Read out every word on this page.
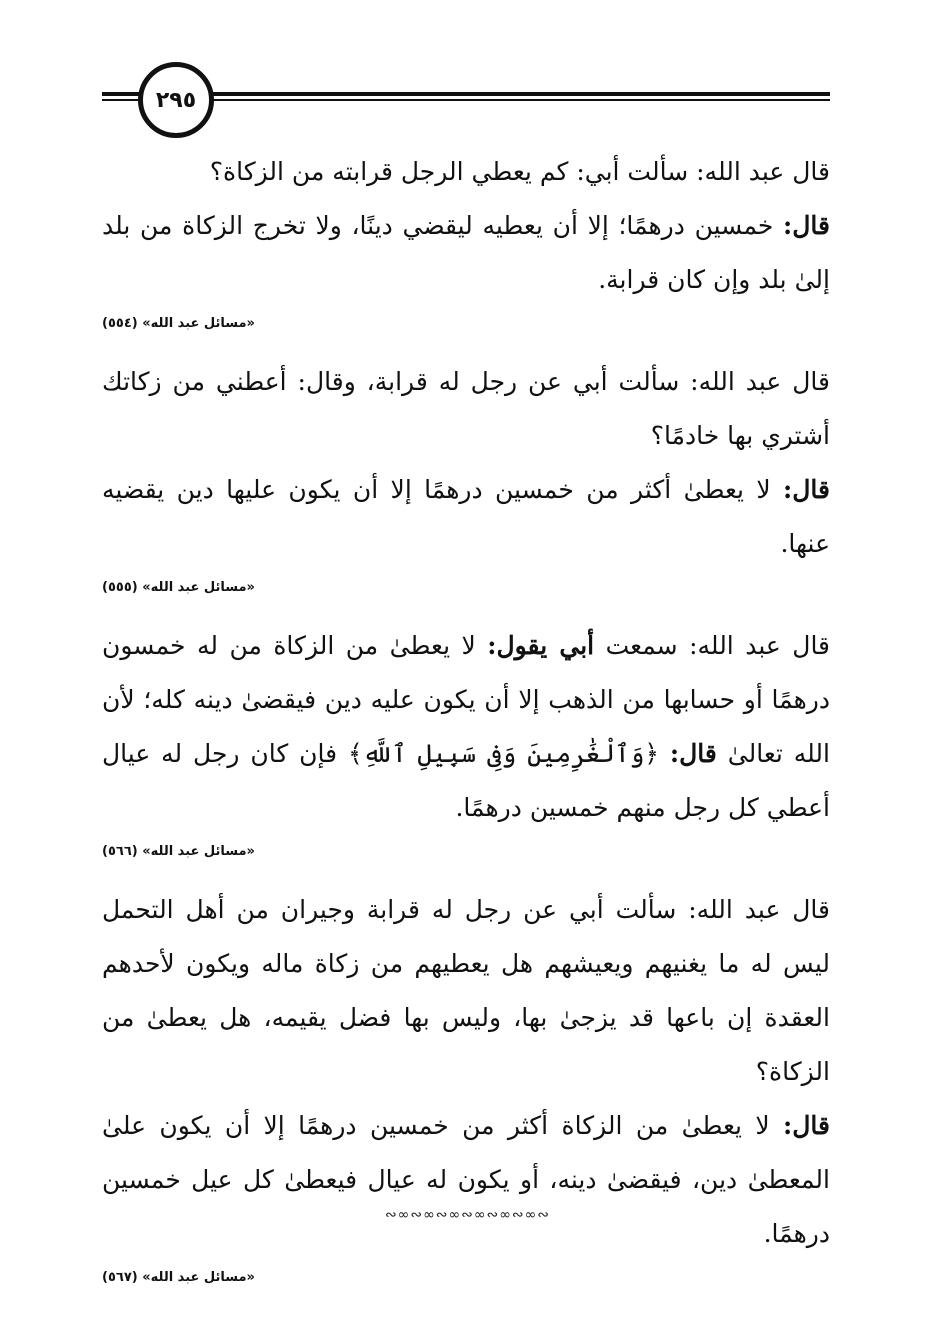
٢٩٥

قال عبد الله: سألت أبي: كم يعطي الرجل قرابته من الزكاة؟

قال: خمسين درهمًا؛ إلا أن يعطيه ليقضي دينًا، ولا تخرج الزكاة من بلد إلىٰ بلد وإن كان قرابة.

«مسائل عبد الله» (٥٥٤)

قال عبد الله: سألت أبي عن رجل له قرابة، وقال: أعطني من زكاتك أشتري بها خادمًا؟

قال: لا يعطىٰ أكثر من خمسين درهمًا إلا أن يكون عليها دين يقضيه عنها.

«مسائل عبد الله» (٥٥٥)

قال عبد الله: سمعت أبي يقول: لا يعطىٰ من الزكاة من له خمسون درهمًا أو حسابها من الذهب إلا أن يكون عليه دين فيقضىٰ دينه كله؛ لأن الله تعالىٰ قال: ﴿وَٱلْغَٰرِمِينَ وَفِى سَبِيلِ ٱللَّهِ﴾ فإن كان رجل له عيال أعطي كل رجل منهم خمسين درهمًا.

«مسائل عبد الله» (٥٦٦)

قال عبد الله: سألت أبي عن رجل له قرابة وجيران من أهل التحمل ليس له ما يغنيهم ويعيشهم هل يعطيهم من زكاة ماله ويكون لأحدهم العقدة إن باعها قد يزجىٰ بها، وليس بها فضل يقيمه، هل يعطىٰ من الزكاة؟

قال: لا يعطىٰ من الزكاة أكثر من خمسين درهمًا إلا أن يكون علىٰ المعطىٰ دين، فيقضىٰ دينه، أو يكون له عيال فيعطىٰ كل عيل خمسين درهمًا.

«مسائل عبد الله» (٥٦٧)
∾∞∾∞∾∞∾∞∾∞∾∞∾
